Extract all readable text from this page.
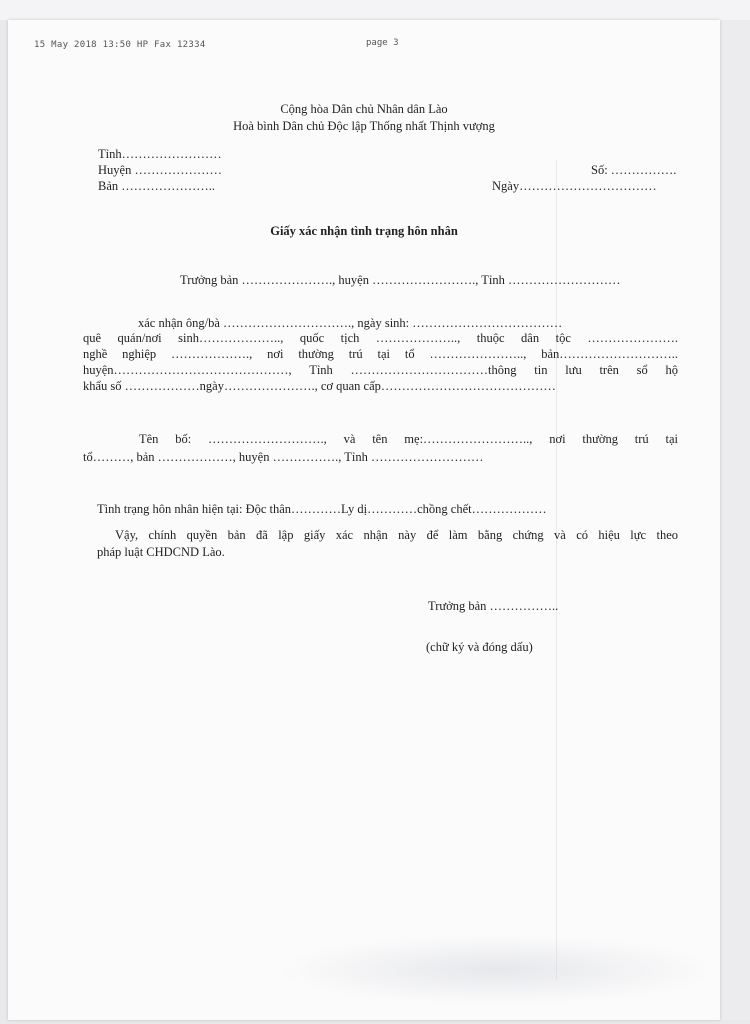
15 May 2018 13:50 HP Fax 12334	page 3
Cộng hòa Dân chủ Nhân dân Lào
Hoà bình Dân chủ Độc lập Thống nhất Thịnh vượng
Tỉnh……………………
Huyện …………………
Bản …………………..
Số: …………….
Ngày……………………………
Giấy xác nhận tình trạng hôn nhân
Trưởng bản …………………., huyện ……………………., Tỉnh ………………………
xác nhận ông/bà …………………………., ngày sinh: ………………………………
quê quán/nơi sinh……………….., quốc tịch ……………….., thuộc dân tộc ………………….
nghề nghiệp ………………., nơi thường trú tại tổ ………………….., bản………………………..
huyện……………………………………, Tỉnh ……………………………thông tin lưu trên sổ hộ
khẩu số ………………ngày…………………., cơ quan cấp……………………………………
Tên bố: ………………………., và tên mẹ:…………………….., nơi thường trú tại
tổ………, bản ………………, huyện ……………., Tỉnh ………………………
Tình trạng hôn nhân hiện tại: Độc thân…………Ly dị…………chồng chết………………
Vậy, chính quyền bản đã lập giấy xác nhận này để làm bằng chứng và có hiệu lực theo
pháp luật CHDCND Lào.
Trưởng bản ……………..
(chữ ký và đóng dấu)
